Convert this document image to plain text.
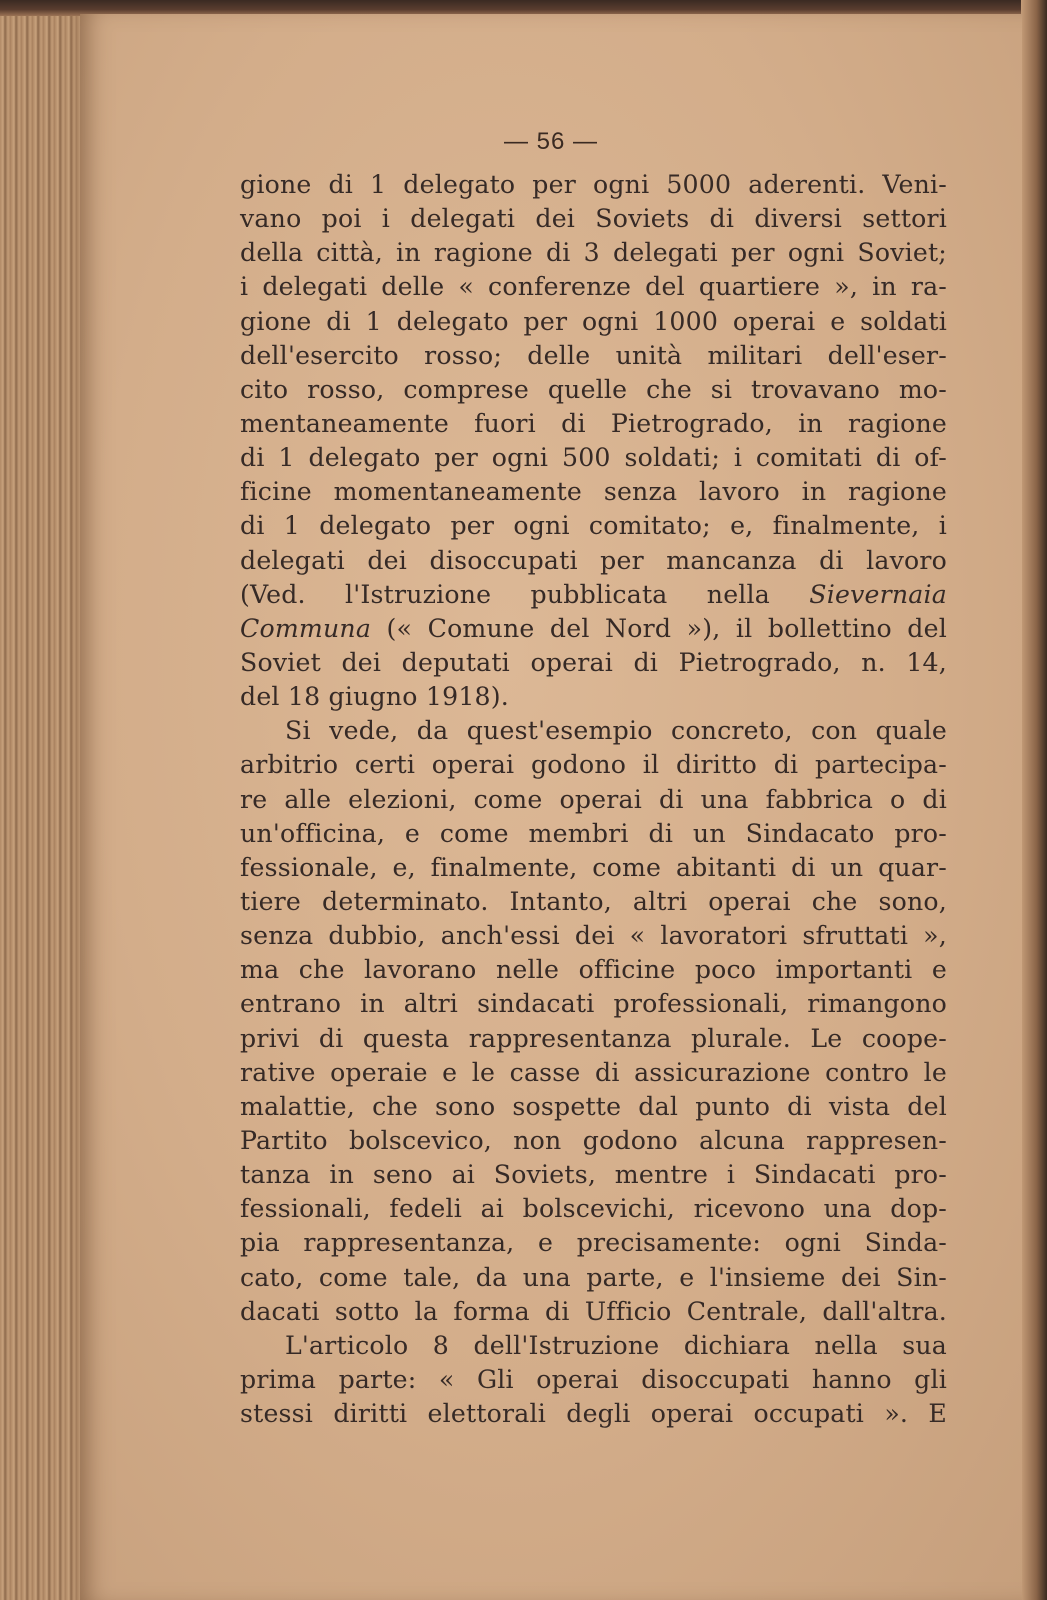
— 56 —
gione di 1 delegato per ogni 5000 aderenti. Veni-
vano poi i delegati dei Soviets di diversi settori
della città, in ragione di 3 delegati per ogni Soviet;
i delegati delle « conferenze del quartiere », in ra-
gione di 1 delegato per ogni 1000 operai e soldati
dell'esercito rosso; delle unità militari dell'eser-
cito rosso, comprese quelle che si trovavano mo-
mentaneamente fuori di Pietrogrado, in ragione
di 1 delegato per ogni 500 soldati; i comitati di of-
ficine momentaneamente senza lavoro in ragione
di 1 delegato per ogni comitato; e, finalmente, i
delegati dei disoccupati per mancanza di lavoro
(Ved. l'Istruzione pubblicata nella Sievernaia
Communa (« Comune del Nord »), il bollettino del
Soviet dei deputati operai di Pietrogrado, n. 14,
del 18 giugno 1918).
Si vede, da quest'esempio concreto, con quale
arbitrio certi operai godono il diritto di partecipa-
re alle elezioni, come operai di una fabbrica o di
un'officina, e come membri di un Sindacato pro-
fessionale, e, finalmente, come abitanti di un quar-
tiere determinato. Intanto, altri operai che sono,
senza dubbio, anch'essi dei « lavoratori sfruttati »,
ma che lavorano nelle officine poco importanti e
entrano in altri sindacati professionali, rimangono
privi di questa rappresentanza plurale. Le coope-
rative operaie e le casse di assicurazione contro le
malattie, che sono sospette dal punto di vista del
Partito bolscevico, non godono alcuna rappresen-
tanza in seno ai Soviets, mentre i Sindacati pro-
fessionali, fedeli ai bolscevichi, ricevono una dop-
pia rappresentanza, e precisamente: ogni Sinda-
cato, come tale, da una parte, e l'insieme dei Sin-
dacati sotto la forma di Ufficio Centrale, dall'altra.
L'articolo 8 dell'Istruzione dichiara nella sua
prima parte: « Gli operai disoccupati hanno gli
stessi diritti elettorali degli operai occupati ». E
